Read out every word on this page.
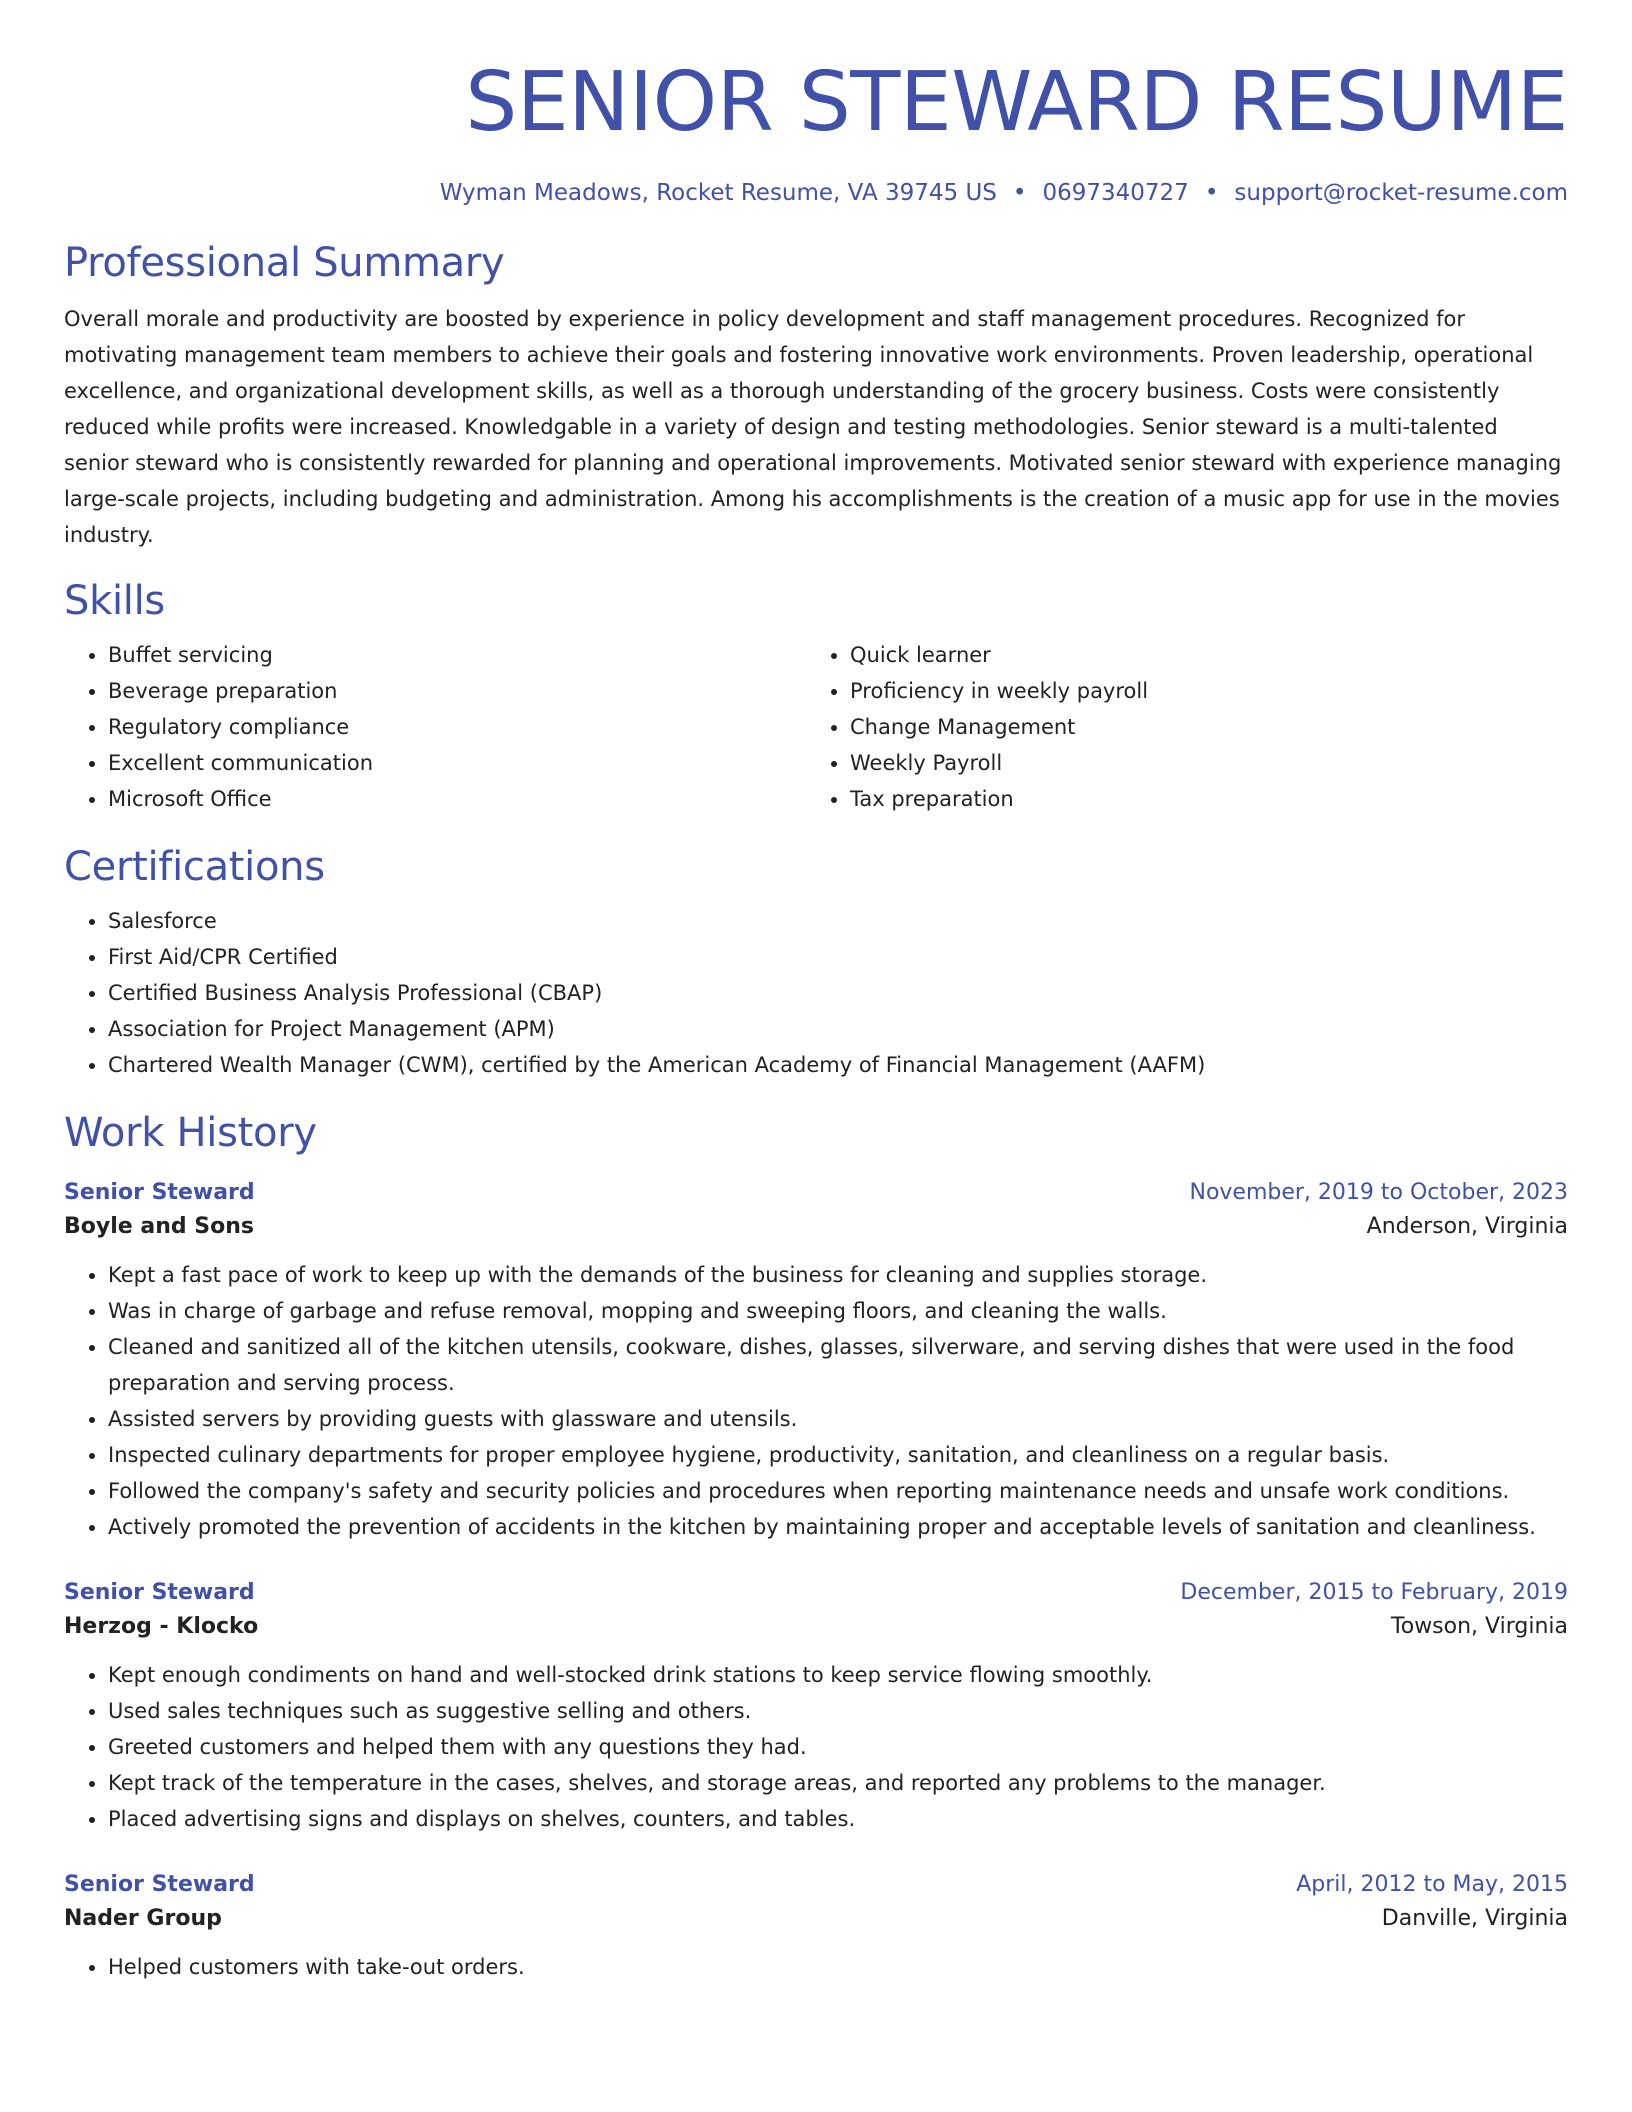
SENIOR STEWARD RESUME
Wyman Meadows, Rocket Resume, VA 39745 US • 0697340727 • support@rocket-resume.com
Professional Summary
Overall morale and productivity are boosted by experience in policy development and staff management procedures. Recognized for motivating management team members to achieve their goals and fostering innovative work environments. Proven leadership, operational excellence, and organizational development skills, as well as a thorough understanding of the grocery business. Costs were consistently reduced while profits were increased. Knowledgable in a variety of design and testing methodologies. Senior steward is a multi-talented senior steward who is consistently rewarded for planning and operational improvements. Motivated senior steward with experience managing large-scale projects, including budgeting and administration. Among his accomplishments is the creation of a music app for use in the movies industry.
Skills
• Buffet servicing
• Beverage preparation
• Regulatory compliance
• Excellent communication
• Microsoft Office
• Quick learner
• Proficiency in weekly payroll
• Change Management
• Weekly Payroll
• Tax preparation
Certifications
• Salesforce
• First Aid/CPR Certified
• Certified Business Analysis Professional (CBAP)
• Association for Project Management (APM)
• Chartered Wealth Manager (CWM), certified by the American Academy of Financial Management (AAFM)
Work History
Senior Steward	November, 2019 to October, 2023
Boyle and Sons	Anderson, Virginia
• Kept a fast pace of work to keep up with the demands of the business for cleaning and supplies storage.
• Was in charge of garbage and refuse removal, mopping and sweeping floors, and cleaning the walls.
• Cleaned and sanitized all of the kitchen utensils, cookware, dishes, glasses, silverware, and serving dishes that were used in the food preparation and serving process.
• Assisted servers by providing guests with glassware and utensils.
• Inspected culinary departments for proper employee hygiene, productivity, sanitation, and cleanliness on a regular basis.
• Followed the company's safety and security policies and procedures when reporting maintenance needs and unsafe work conditions.
• Actively promoted the prevention of accidents in the kitchen by maintaining proper and acceptable levels of sanitation and cleanliness.
Senior Steward	December, 2015 to February, 2019
Herzog - Klocko	Towson, Virginia
• Kept enough condiments on hand and well-stocked drink stations to keep service flowing smoothly.
• Used sales techniques such as suggestive selling and others.
• Greeted customers and helped them with any questions they had.
• Kept track of the temperature in the cases, shelves, and storage areas, and reported any problems to the manager.
• Placed advertising signs and displays on shelves, counters, and tables.
Senior Steward	April, 2012 to May, 2015
Nader Group	Danville, Virginia
• Helped customers with take-out orders.
